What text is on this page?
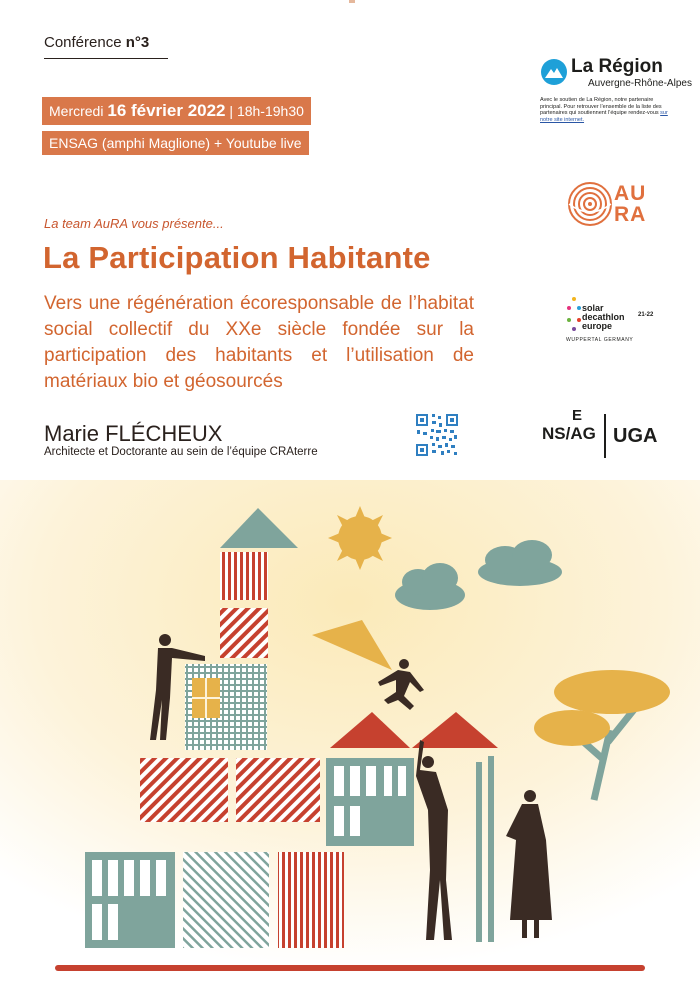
Conférence n°3
Mercredi 16 février 2022 | 18h-19h30
ENSAG (amphi Maglione) + Youtube live
La team AuRA vous présente...
La Participation Habitante
Vers une régénération écoresponsable de l’habitat social collectif du XXe siècle fondée sur la participation des habitants et l’utilisation de matériaux bio et géosourcés
Marie FLÉCHEUX
Architecte et Doctorante au sein de l’équipe CRAterre
La Région
Auvergne-Rhône-Alpes
Avec le soutien de La Région, notre partenaire principal. Pour retrouver l’ensemble de la liste des partenaires qui soutiennent l’équipe rendez-vous sur notre site internet.
AU
RA
solar
decathlon
europe
21-22
WUPPERTAL GERMANY
E
NS/AG UGA
